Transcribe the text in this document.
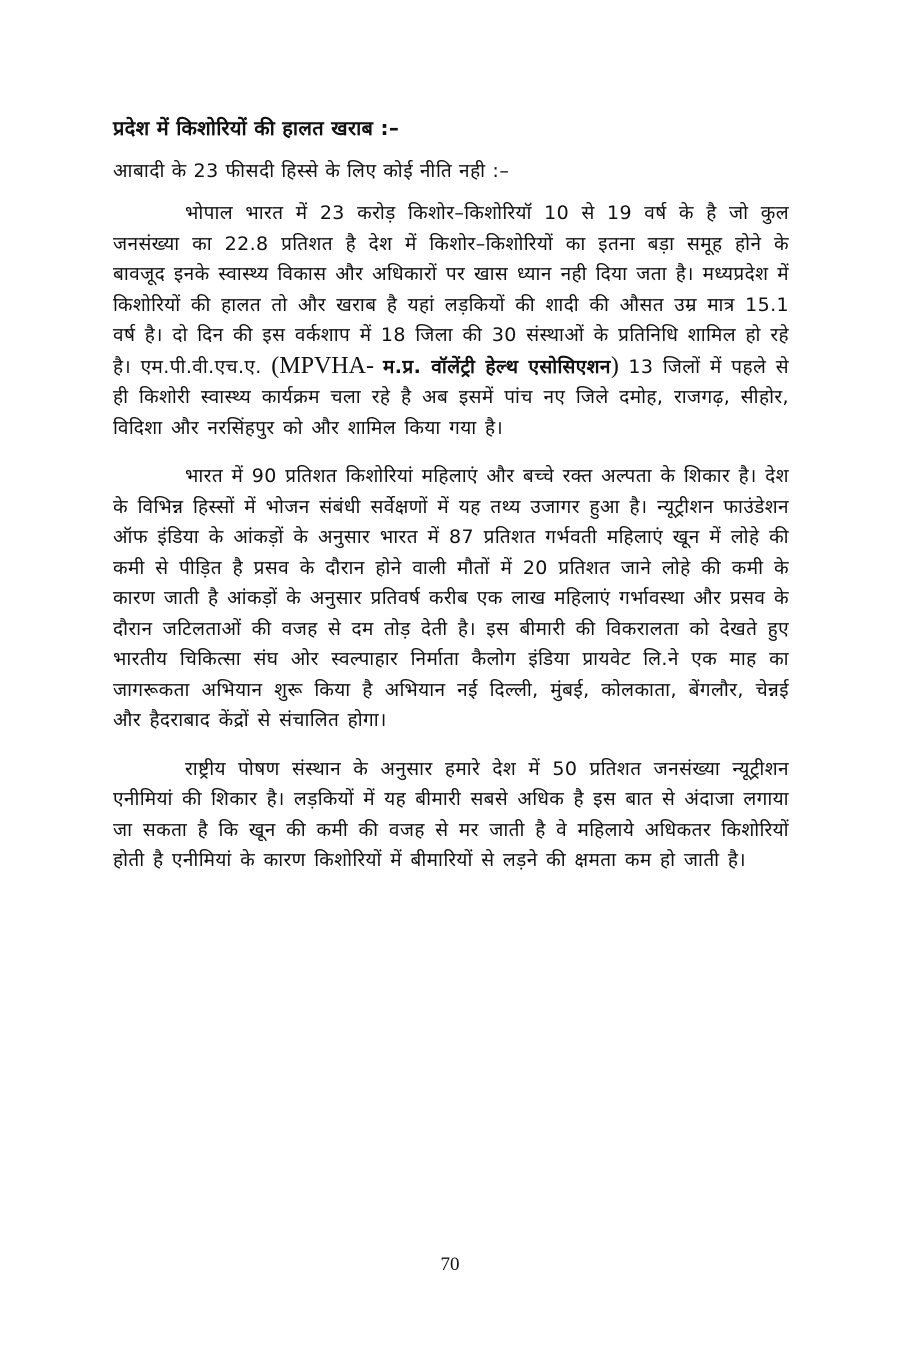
प्रदेश में किशोरियों की हालत खराब :–
आबादी के 23 फीसदी हिस्से के लिए कोई नीति नही :–

भोपाल भारत में 23 करोड़ किशोर–किशोरियॉ 10 से 19 वर्ष के है जो कुल जनसंख्या का 22.8 प्रतिशत है देश में किशोर–किशोरियों का इतना बड़ा समूह होने के बावजूद इनके स्वास्थ्य विकास और अधिकारों पर खास ध्यान नही दिया जता है। मध्यप्रदेश में किशोरियों की हालत तो और खराब है यहां लड़कियों की शादी की औसत उम्र मात्र 15.1 वर्ष है। दो दिन की इस वर्कशाप में 18 जिला की 30 संस्थाओं के प्रतिनिधि शामिल हो रहे है। एम.पी.वी.एच.ए. (MPVHA- म.प्र. वॉलेंट्री हेल्थ एसोसिएशन) 13 जिलों में पहले से ही किशोरी स्वास्थ्य कार्यक्रम चला रहे है अब इसमें पांच नए जिले दमोह, राजगढ़, सीहोर, विदिशा और नरसिंहपुर को और शामिल किया गया है।

भारत में 90 प्रतिशत किशोरियां महिलाएं और बच्चे रक्त अल्पता के शिकार है। देश के विभिन्न हिस्सों में भोजन संबंधी सर्वेक्षणों में यह तथ्य उजागर हुआ है। न्यूट्रीशन फाउंडेशन ऑफ इंडिया के आंकड़ों के अनुसार भारत में 87 प्रतिशत गर्भवती महिलाएं खून में लोहे की कमी से पीड़ित है प्रसव के दौरान होने वाली मौतों में 20 प्रतिशत जाने लोहे की कमी के कारण जाती है आंकड़ों के अनुसार प्रतिवर्ष करीब एक लाख महिलाएं गर्भावस्था और प्रसव के दौरान जटिलताओं की वजह से दम तोड़ देती है। इस बीमारी की विकरालता को देखते हुए भारतीय चिकित्सा संघ ओर स्वल्पाहार निर्माता कैलोग इंडिया प्रायवेट लि.ने एक माह का जागरूकता अभियान शुरू किया है अभियान नई दिल्ली, मुंबई, कोलकाता, बेंगलौर, चेन्नई और हैदराबाद केंद्रों से संचालित होगा।

राष्ट्रीय पोषण संस्थान के अनुसार हमारे देश में 50 प्रतिशत जनसंख्या न्यूट्रीशन एनीमियां की शिकार है। लड़कियों में यह बीमारी सबसे अधिक है इस बात से अंदाजा लगाया जा सकता है कि खून की कमी की वजह से मर जाती है वे महिलाये अधिकतर किशोरियों होती है एनीमियां के कारण किशोरियों में बीमारियों से लड़ने की क्षमता कम हो जाती है।

70
